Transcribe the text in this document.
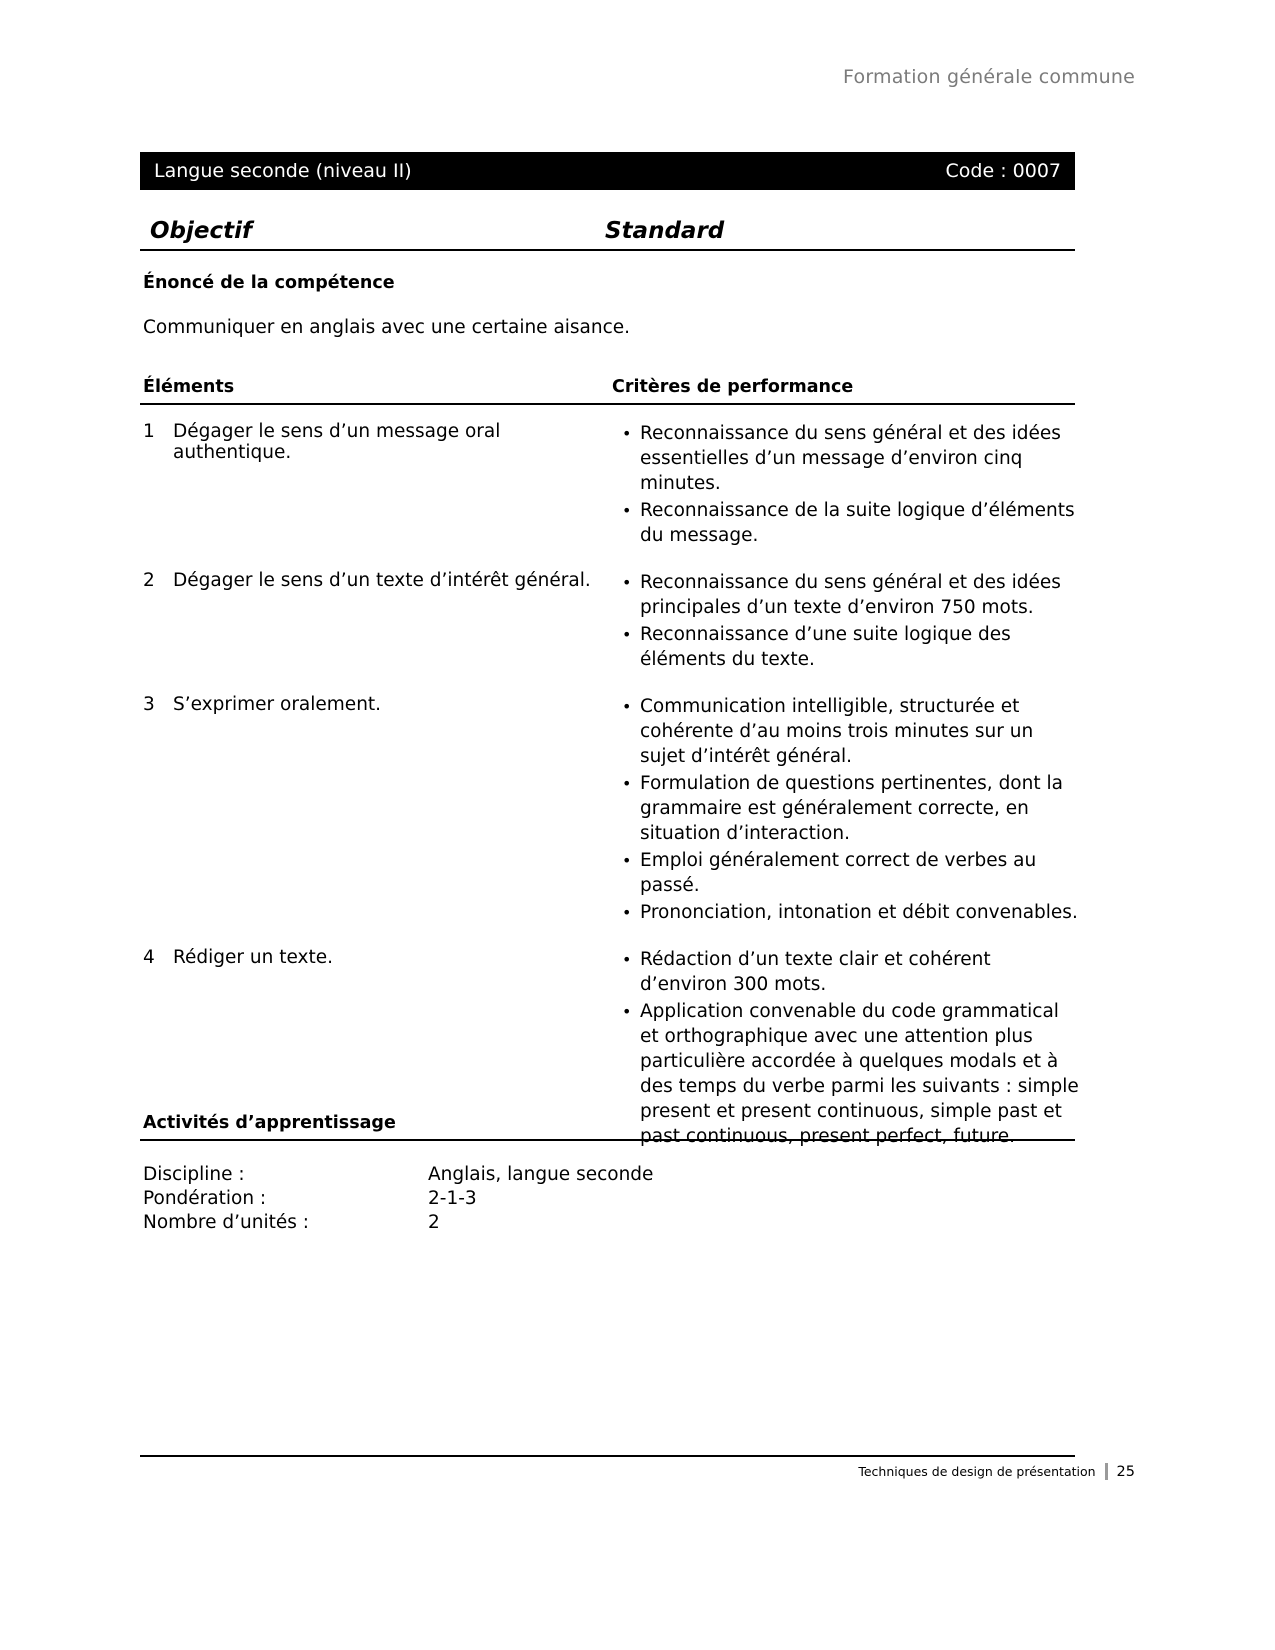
Formation générale commune
Langue seconde (niveau II)	Code : 0007
Objectif	Standard
Énoncé de la compétence
Communiquer en anglais avec une certaine aisance.
Éléments	Critères de performance
1 Dégager le sens d’un message oral authentique.
• Reconnaissance du sens général et des idées essentielles d’un message d’environ cinq minutes.
• Reconnaissance de la suite logique d’éléments du message.
2 Dégager le sens d’un texte d’intérêt général.	• Reconnaissance du sens général et des idées principales d’un texte d’environ 750 mots.
• Reconnaissance d’une suite logique des éléments du texte.
3 S’exprimer oralement.	• Communication intelligible, structurée et cohérente d’au moins trois minutes sur un sujet d’intérêt général.
• Formulation de questions pertinentes, dont la grammaire est généralement correcte, en situation d’interaction.
• Emploi généralement correct de verbes au passé.
• Prononciation, intonation et débit convenables.
4 Rédiger un texte.	• Rédaction d’un texte clair et cohérent d’environ 300 mots.
• Application convenable du code grammatical et orthographique avec une attention plus particulière accordée à quelques modals et à des temps du verbe parmi les suivants : simple present et present continuous, simple past et past continuous, present perfect, future.
Activités d’apprentissage
Discipline :	Anglais, langue seconde
Pondération :	2-1-3
Nombre d’unités :	2
Techniques de design de présentation 25
